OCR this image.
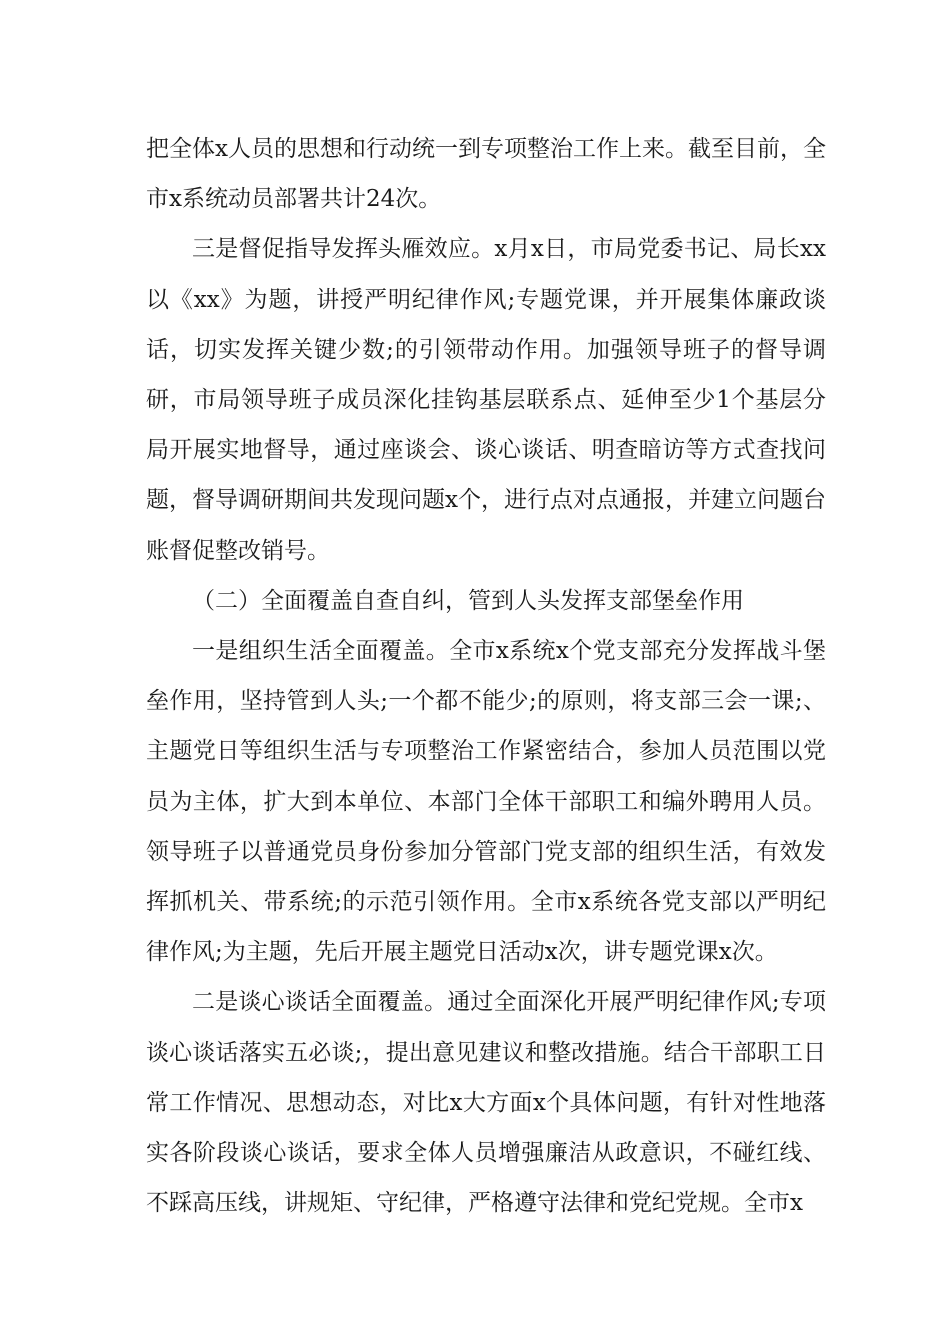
把全体x人员的思想和行动统一到专项整治工作上来。截至目前，全市x系统动员部署共计24次。

三是督促指导发挥头雁效应。x月x日，市局党委书记、局长xx以《xx》为题，讲授严明纪律作风;专题党课，并开展集体廉政谈话，切实发挥关键少数;的引领带动作用。加强领导班子的督导调研，市局领导班子成员深化挂钩基层联系点、延伸至少1个基层分局开展实地督导，通过座谈会、谈心谈话、明查暗访等方式查找问题，督导调研期间共发现问题x个，进行点对点通报，并建立问题台账督促整改销号。

（二）全面覆盖自查自纠，管到人头发挥支部堡垒作用

一是组织生活全面覆盖。全市x系统x个党支部充分发挥战斗堡垒作用，坚持管到人头;一个都不能少;的原则，将支部三会一课;、主题党日等组织生活与专项整治工作紧密结合，参加人员范围以党员为主体，扩大到本单位、本部门全体干部职工和编外聘用人员。领导班子以普通党员身份参加分管部门党支部的组织生活，有效发挥抓机关、带系统;的示范引领作用。全市x系统各党支部以严明纪律作风;为主题，先后开展主题党日活动x次，讲专题党课x次。

二是谈心谈话全面覆盖。通过全面深化开展严明纪律作风;专项谈心谈话落实五必谈;，提出意见建议和整改措施。结合干部职工日常工作情况、思想动态，对比x大方面x个具体问题，有针对性地落实各阶段谈心谈话，要求全体人员增强廉洁从政意识，不碰红线、不踩高压线，讲规矩、守纪律，严格遵守法律和党纪党规。全市x
